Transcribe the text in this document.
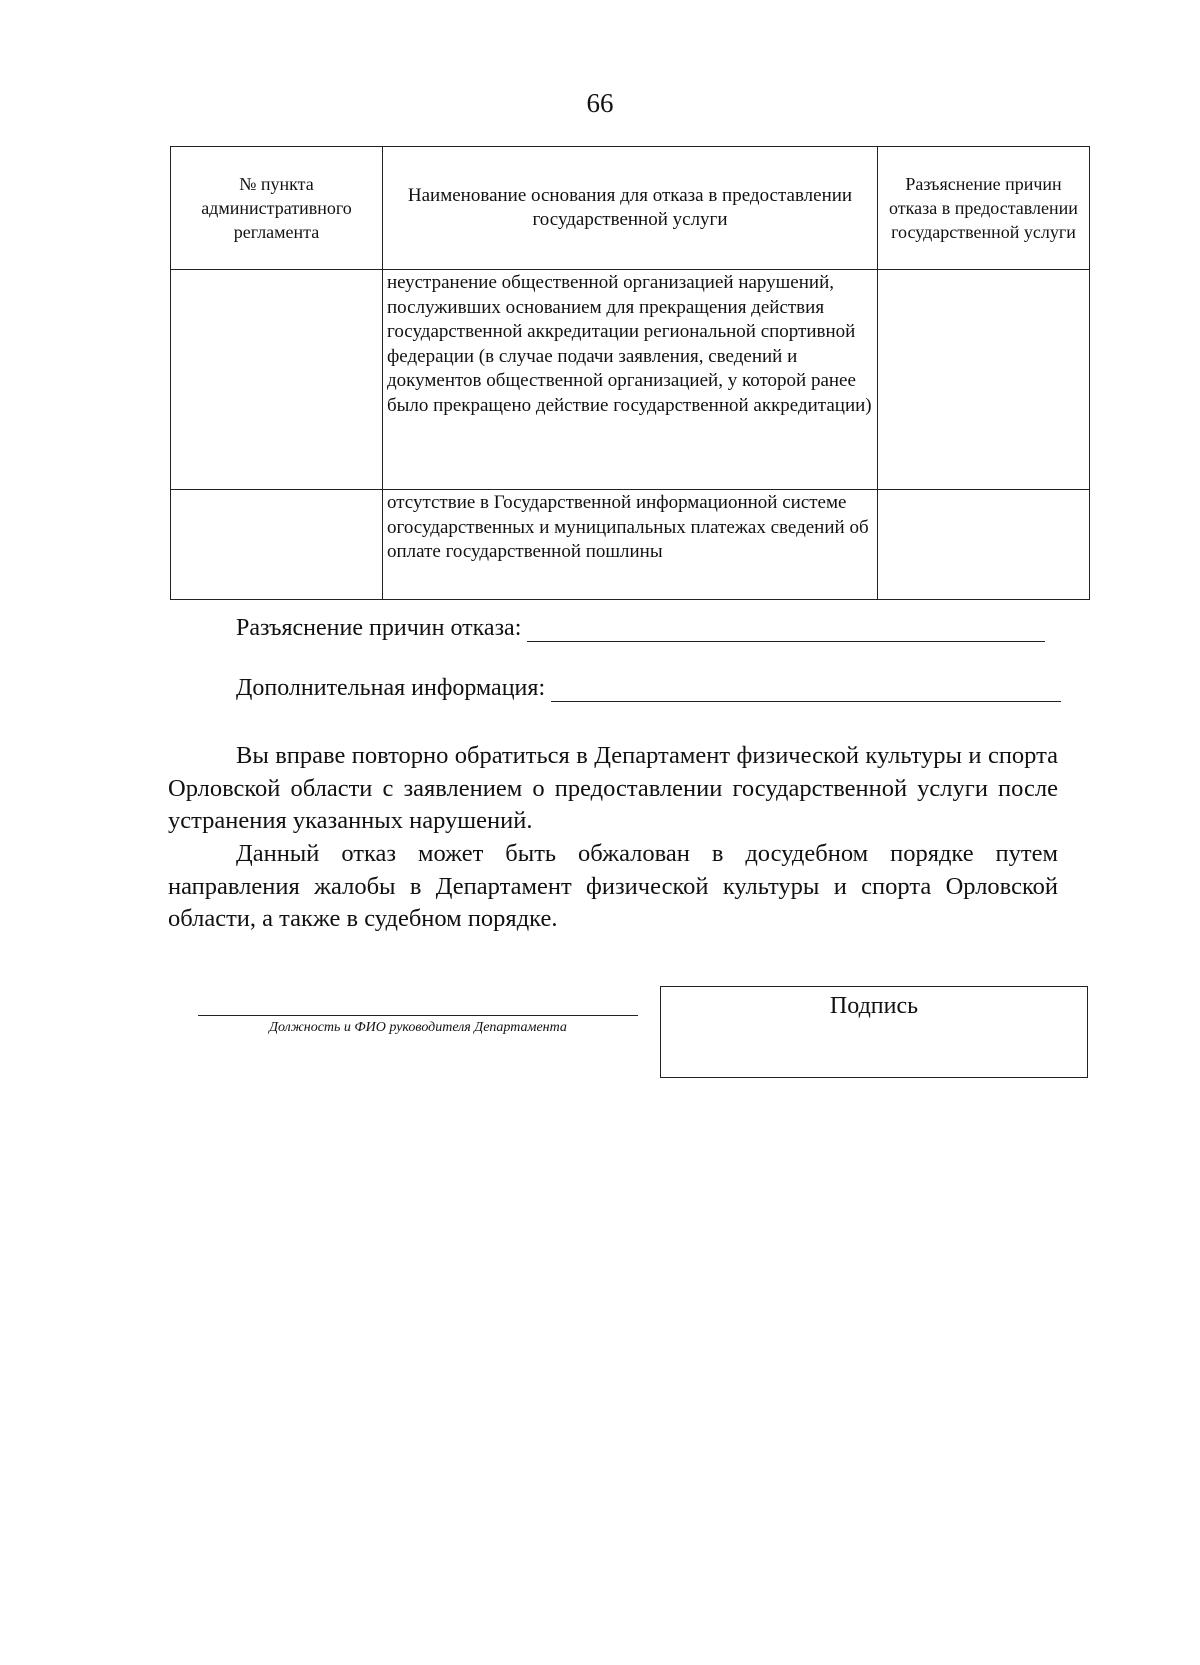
66
№ пункта административного регламента	Наименование основания для отказа в предоставлении государственной услуги	Разъяснение причин отказа в предоставлении государственной услуги
	неустранение общественной организацией нарушений, послуживших основанием для прекращения действия государственной аккредитации региональной спортивной федерации (в случае подачи заявления, сведений и документов общественной организацией, у которой ранее было прекращено действие государственной аккредитации)	
	отсутствие в Государственной информационной системе огосударственных и муниципальных платежах сведений об оплате государственной пошлины	
Разъяснение причин отказа:
Дополнительная информация:

Вы вправе повторно обратиться в Департамент физической культуры и спорта Орловской области с заявлением о предоставлении государственной услуги после устранения указанных нарушений.

Данный отказ может быть обжалован в досудебном порядке путем направления жалобы в Департамент физической культуры и спорта Орловской области, а также в судебном порядке.

Должность и ФИО руководителя Департамента
Подпись
